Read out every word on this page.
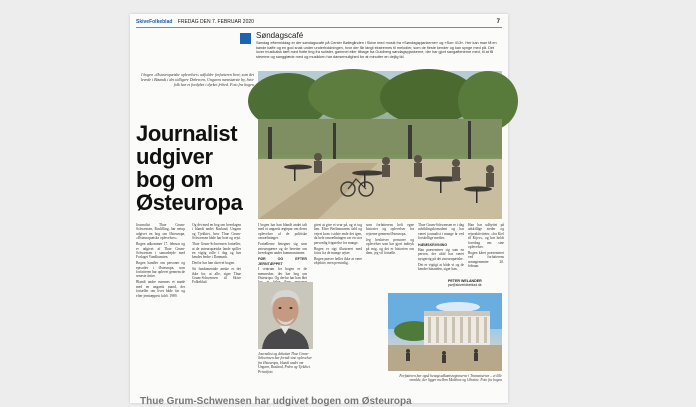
SkiveFolkeblad FREDAG DEN 7. FEBRUAR 2020	7
Søndagscafé
Søndag eftermiddag er der søndagscafé på Center Bølleglinden i Skive med musik fra «Søndagspjankerne» og «Sorr 413». Her kan man få en kande kaffe og en god snak under underholdningen, hvor der får langt ekstremes til melodier, som de fleste kender og kan synge med på. Det lover musikalsk tæft med flotte ting fra solister, gammel eller tilbage fra Guldberg søndagspjankerne, der har gjort sangaftenerne med, til at få stemme og sangglæde med og musikken har dansemulighed for at minutter en dejlig tid.
I bogen «Østeuropæiske oplevelser» udfolder forfatteren livet, som det levede i Bizandt i det tidligere Debrecen, Ungarns næststørste by, hvor folk har et fordybet i dyrket frihed. Foto fra bogen
Journalist
udgiver
bog om
Østeuropa

Journalist Thue Grum-Schwensen, Roslilling, har netop udgivet en bog om Østeuropa, «Østeuropæiske oplevelser».

Bogen udkommer 17. februar og er udgivet af Thue Grum-Schwensen i samarbejde med Forlaget Vandkunsten.

Bogen handler om personer og episoder i Østeuropa, som forfatteren har oplevet gennem de seneste årtier.

Blandt andre rummes et møde med en ungarsk mand, der fortæller om livet både før og efter jerntæppets fald i 1989.

Og det med en bog om hverdagen i blandt andet Rusland, Ungarn og Tjekkiet, hvor Thue Grum-Schwensen både har boet og rejst.

Thue Grum-Schwensen fortæller, at de østeuropæiske lande spiller en vigtig rolle i dag og bør kendes bedre i Danmark.

Derfor har han skrevet bogen.

Sit fundamentale ønske er det ikke for, at alle, siger Thue Grum-Schwensen til Skive Folkeblad.

I bogen har han blandt andet talt med et ungarsk ægtepar om deres oplevelser af de politiske omvæltninger.

Fortællerne betegner sig som østeuropæere og de beretter om hverdagen under kommunismen.

FØR OG EFTER JERNTÆPPET

I centrum for bogen er de mennesker, der har bog om Østeuropa. Og derfor har han fået

givet at give et svar på, og vi tog hen. Efter Berlinmurens fald og vejret kom i sidste ende det igen, da hele omvæltningen var en stor personlig frigørelse for mange.

Bogen er rigt illustreret med fotos fra de mange rejser.

Bogen prøver heller ikke at være objektiv, men personlig.

som forfatterens helt egne historier og oplevelser fra rejserne gennem Østeuropa.

Jeg beskriver personer og oplevelser som har gjort indtryk på mig, og det er historien om dem, jeg vil fortælle.

Thue Grum-Schwensen er i dag udviklingskonsulent og har været journalist i mange år ved forskellige medier.

HÆMSKRIVNING

Han præsenterer sig som en person, der altid har været nysgerrig på det østeuropæiske.

Det er vigtigt at både vi og de kender hinanden, siger han.

Han har udbyttet på adskillige steder og rejseaktiviteter, «fra Kiel til Kijev», og har holdt foredrag om sine oplevelser.

Bogen kåret præsenteret ved forfatterens arrangementer 20. februar.

Journalist og debattør Thue Grum-Schwensen har fortalt sine oplevelser fra Østeuropa, blandt andet om Ungarn, Rusland, Polen og Tjekkiet. Privatfoto
PETER WELANDER
pw@skivefolkeblad.dk
Forfatteren har også besøgt udkantsregionerne i Transnistrien – et lille område, der ligger mellem Moldova og Ukraine. Foto fra bogen
Thue Grum-Schwensen har udgivet bogen om Østeuropa
